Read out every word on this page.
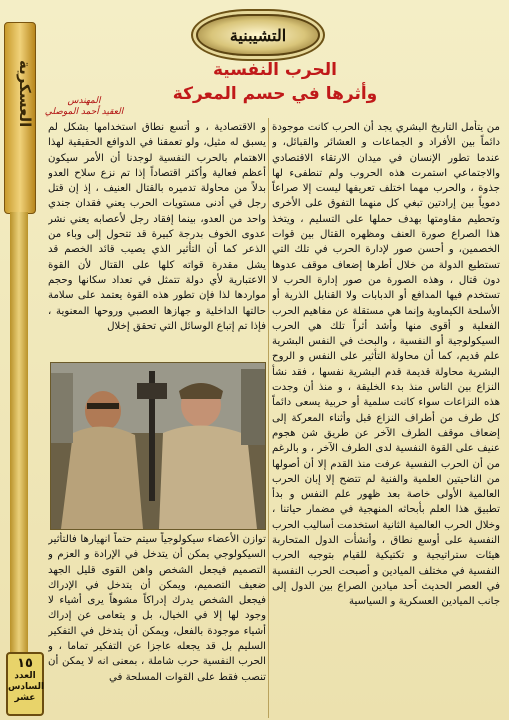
التشيبنية
العسكرية
١٥
العدد
السادس
عشر
الحرب النفسية
وأثرها في حسم المعركة
المهندس
العقيد أحمد الموصلي
من يتأمل التاريخ البشري يجد أن الحرب كانت موجودة دائماً بين الأفراد و الجماعات و العشائر والقبائل، و عندما تطور الإنسان في ميدان الارتقاء الاقتصادي والاجتماعي استمرت هذه الحروب ولم تنطفىء لها جذوة ، والحرب مهما اختلف تعريفها ليست إلا صراعاً دموياً بين إرادتين تبغي كل منهما التفوق على الأخرى وتحطيم مقاومتها بهدف حملها على التسليم ، ويتخذ هذا الصراع صورة العنف ومظهره القتال بين قوات الخصمين، و أحسن صور لإدارة الحرب في تلك التي تستطيع الدولة من خلال أطرها إضعاف موقف عدوها دون قتال ، وهذه الصورة من صور إدارة الحرب لا تستخدم فيها المدافع أو الدبابات ولا القنابل الذرية أو الأسلحة الكيماوية وإنما هي مستقلة عن مفاهيم الحرب الفعلية و أقوى منها وأشد أثراً تلك هي الحرب السيكولوجية أو النفسية ، والبحث في النفس البشرية علم قديم، كما أن محاولة التأثير على النفس و الروح البشرية محاولة قديمة قدم البشرية نفسها ، فقد نشأ النزاع بين الناس منذ بدء الخليقة ، و منذ أن وجدت هذه النزاعات سواء كانت سلمية أو حربية يسعى دائماً كل طرف من أطراف النزاع قبل وأثناء المعركة إلى إضعاف موقف الطرف الآخر عن طريق شن هجوم عنيف على القوة النفسية لدى الطرف الآخر ، و بالرغم من أن الحرب النفسية عرفت منذ القدم إلا أن أصولها من الناحيتين العلمية والفنية لم تتضح إلا إبان الحرب العالمية الأولى خاصة بعد ظهور علم النفس و بدأ تطبيق هذا العلم بأبحاثه المنهجية في مضمار حياتنا ، وخلال الحرب العالمية الثانية استخدمت أساليب الحرب النفسية على أوسع نطاق ، وأنشأت الدول المتحاربة هيئات ستراتيجية و تكتيكية للقيام بتوجيه الحرب النفسية في مختلف الميادين و أصبحت الحرب النفسية في العصر الحديث أحد ميادين الصراع بين الدول إلى جانب الميادين العسكرية و السياسية
و الاقتصادية ، و أتسع نطاق استخدامها بشكل لم يسبق له مثيل، ولو تعمقنا في الدوافع الحقيقية لهذا الاهتمام بالحرب النفسية لوجدنا أن الأمر سيكون أعظم فعالية وأكثر اقتصاداً إذا تم نزع سلاح العدو بدلاً من محاولة تدميره بالقتال العنيف ، إذ إن قتل رجل في أدنى مستويات الحرب يعني فقدان جندي واحد من العدو، بينما إفقاد رجل لأعصابه يعني نشر عدوى الخوف بدرجة كبيرة قد تتحول إلى وباء من الذعر كما أن التأثير الذي يصيب قائد الخصم قد يشل مقدرة قواته كلها على القتال لأن القوة الاعتبارية لأي دولة تتمثل في تعداد سكانها وحجم مواردها لذا فإن تطور هذه القوة يعتمد على سلامة حالتها الداخلية و جهازها العصبي وروحها المعنوية ، فإذا تم إتباع الوسائل التي تحقق إخلال
توازن الأعضاء سيكولوجياً سيتم حتماً انهيارها فالتأثير السيكولوجي يمكن أن يتدخل في الإرادة و العزم و التصميم فيجعل الشخص واهن القوى قليل الجهد ضعيف التصميم، ويمكن أن يتدخل في الإدراك فيجعل الشخص يدرك إدراكاً مشوهاً يرى أشياء لا وجود لها إلا في الخيال، بل و يتعامى عن إدراك أشياء موجودة بالفعل، ويمكن أن يتدخل في التفكير السليم بل قد يجعله عاجزا عن التفكير تماما ، و الحرب النفسية حرب شاملة ، بمعنى انه لا يمكن أن تنصب فقط على القوات المسلحة في
